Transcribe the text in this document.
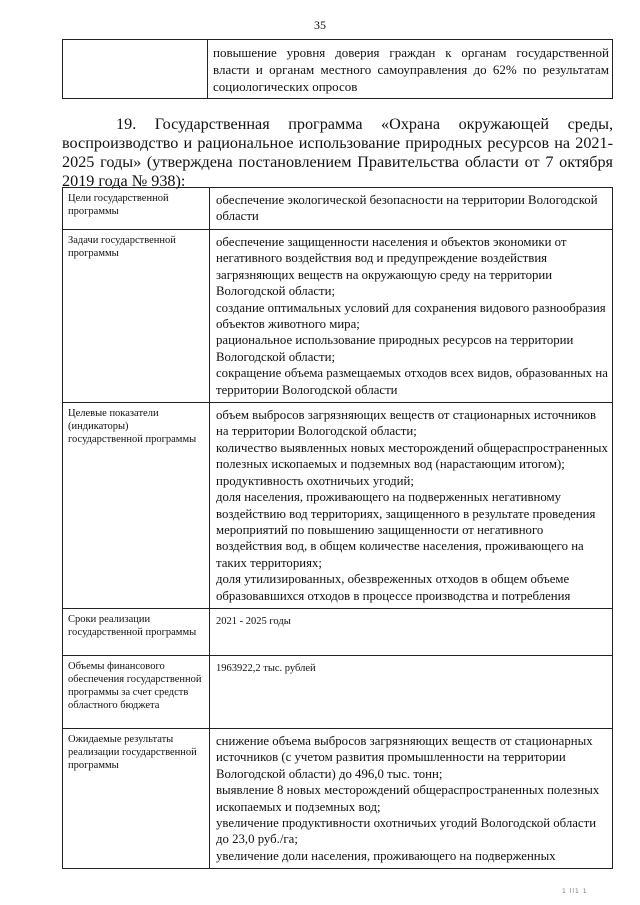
35
	повышение уровня доверия граждан к органам государственной власти и органам местного самоуправления до 62% по результатам социологических опросов

19. Государственная программа «Охрана окружающей среды, воспроизводство и рациональное использование природных ресурсов на 2021-2025 годы» (утверждена постановлением Правительства области от 7 октября 2019 года № 938):

Цели государственной программы	обеспечение экологической безопасности на территории Вологодской области

Задачи государственной программы	обеспечение защищенности населения и объектов экономики от негативного воздействия вод и предупреждение воздействия загрязняющих веществ на окружающую среду на территории Вологодской области;
создание оптимальных условий для сохранения видового разнообразия объектов животного мира;
рациональное использование природных ресурсов на территории Вологодской области;
сокращение объема размещаемых отходов всех видов, образованных на территории Вологодской области

Целевые показатели (индикаторы) государственной программы	объем выбросов загрязняющих веществ от стационарных источников на территории Вологодской области;
количество выявленных новых месторождений общераспространенных полезных ископаемых и подземных вод (нарастающим итогом);
продуктивность охотничьих угодий;
доля населения, проживающего на подверженных негативному воздействию вод территориях, защищенного в результате проведения мероприятий по повышению защищенности от негативного воздействия вод, в общем количестве населения, проживающего на таких территориях;
доля утилизированных, обезвреженных отходов в общем объеме образовавшихся отходов в процессе производства и потребления

Сроки реализации государственной программы	2021 - 2025 годы

Объемы финансового обеспечения государственной программы за счет средств областного бюджета	1963922,2 тыс. рублей

Ожидаемые результаты реализации государственной программы	снижение объема выбросов загрязняющих веществ от стационарных источников (с учетом развития промышленности на территории Вологодской области) до 496,0 тыс. тонн;
выявление 8 новых месторождений общераспространенных полезных ископаемых и подземных вод;
увеличение продуктивности охотничьих угодий Вологодской области до 23,0 руб./га;
увеличение доли населения, проживающего на подверженных
1 ll1 1
